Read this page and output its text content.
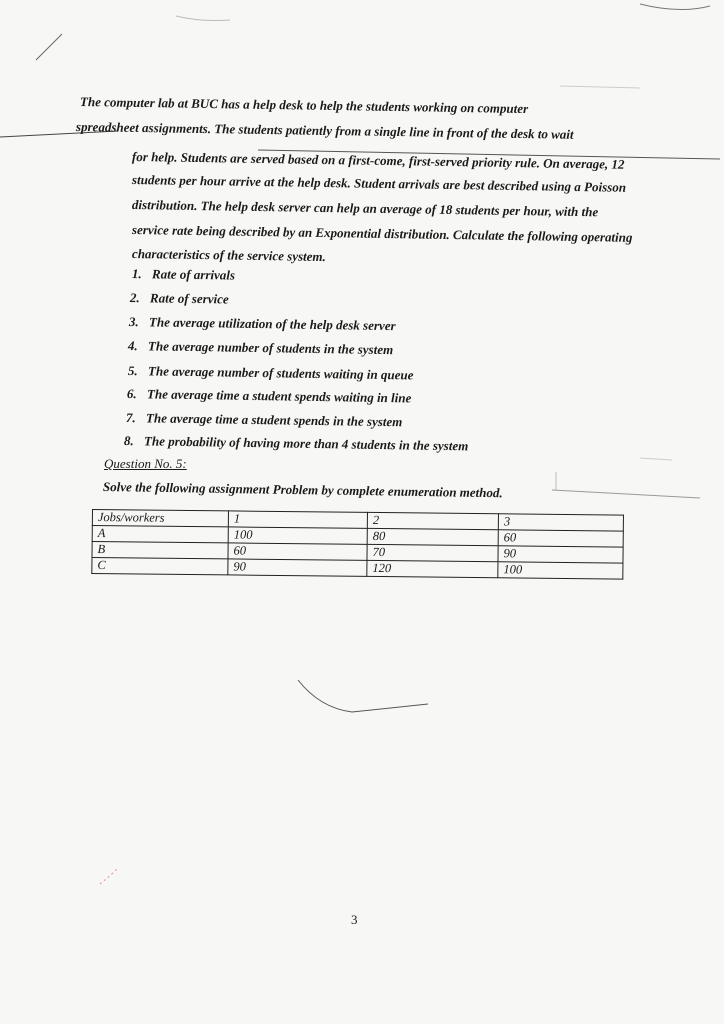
The computer lab at BUC has a help desk to help the students working on computer
spreadsheet assignments. The students patiently from a single line in front of the desk to wait
for help. Students are served based on a first-come, first-served priority rule. On average, 12
students per hour arrive at the help desk. Student arrivals are best described using a Poisson
distribution. The help desk server can help an average of 18 students per hour, with the
service rate being described by an Exponential distribution. Calculate the following operating
characteristics of the service system.
1. Rate of arrivals
2. Rate of service
3. The average utilization of the help desk server
4. The average number of students in the system
5. The average number of students waiting in queue
6. The average time a student spends waiting in line
7. The average time a student spends in the system
8. The probability of having more than 4 students in the system
Question No. 5:
Solve the following assignment Problem by complete enumeration method.
Jobs/workers	1	2	3
A	100	80	60
B	60	70	90
C	90	120	100
3
